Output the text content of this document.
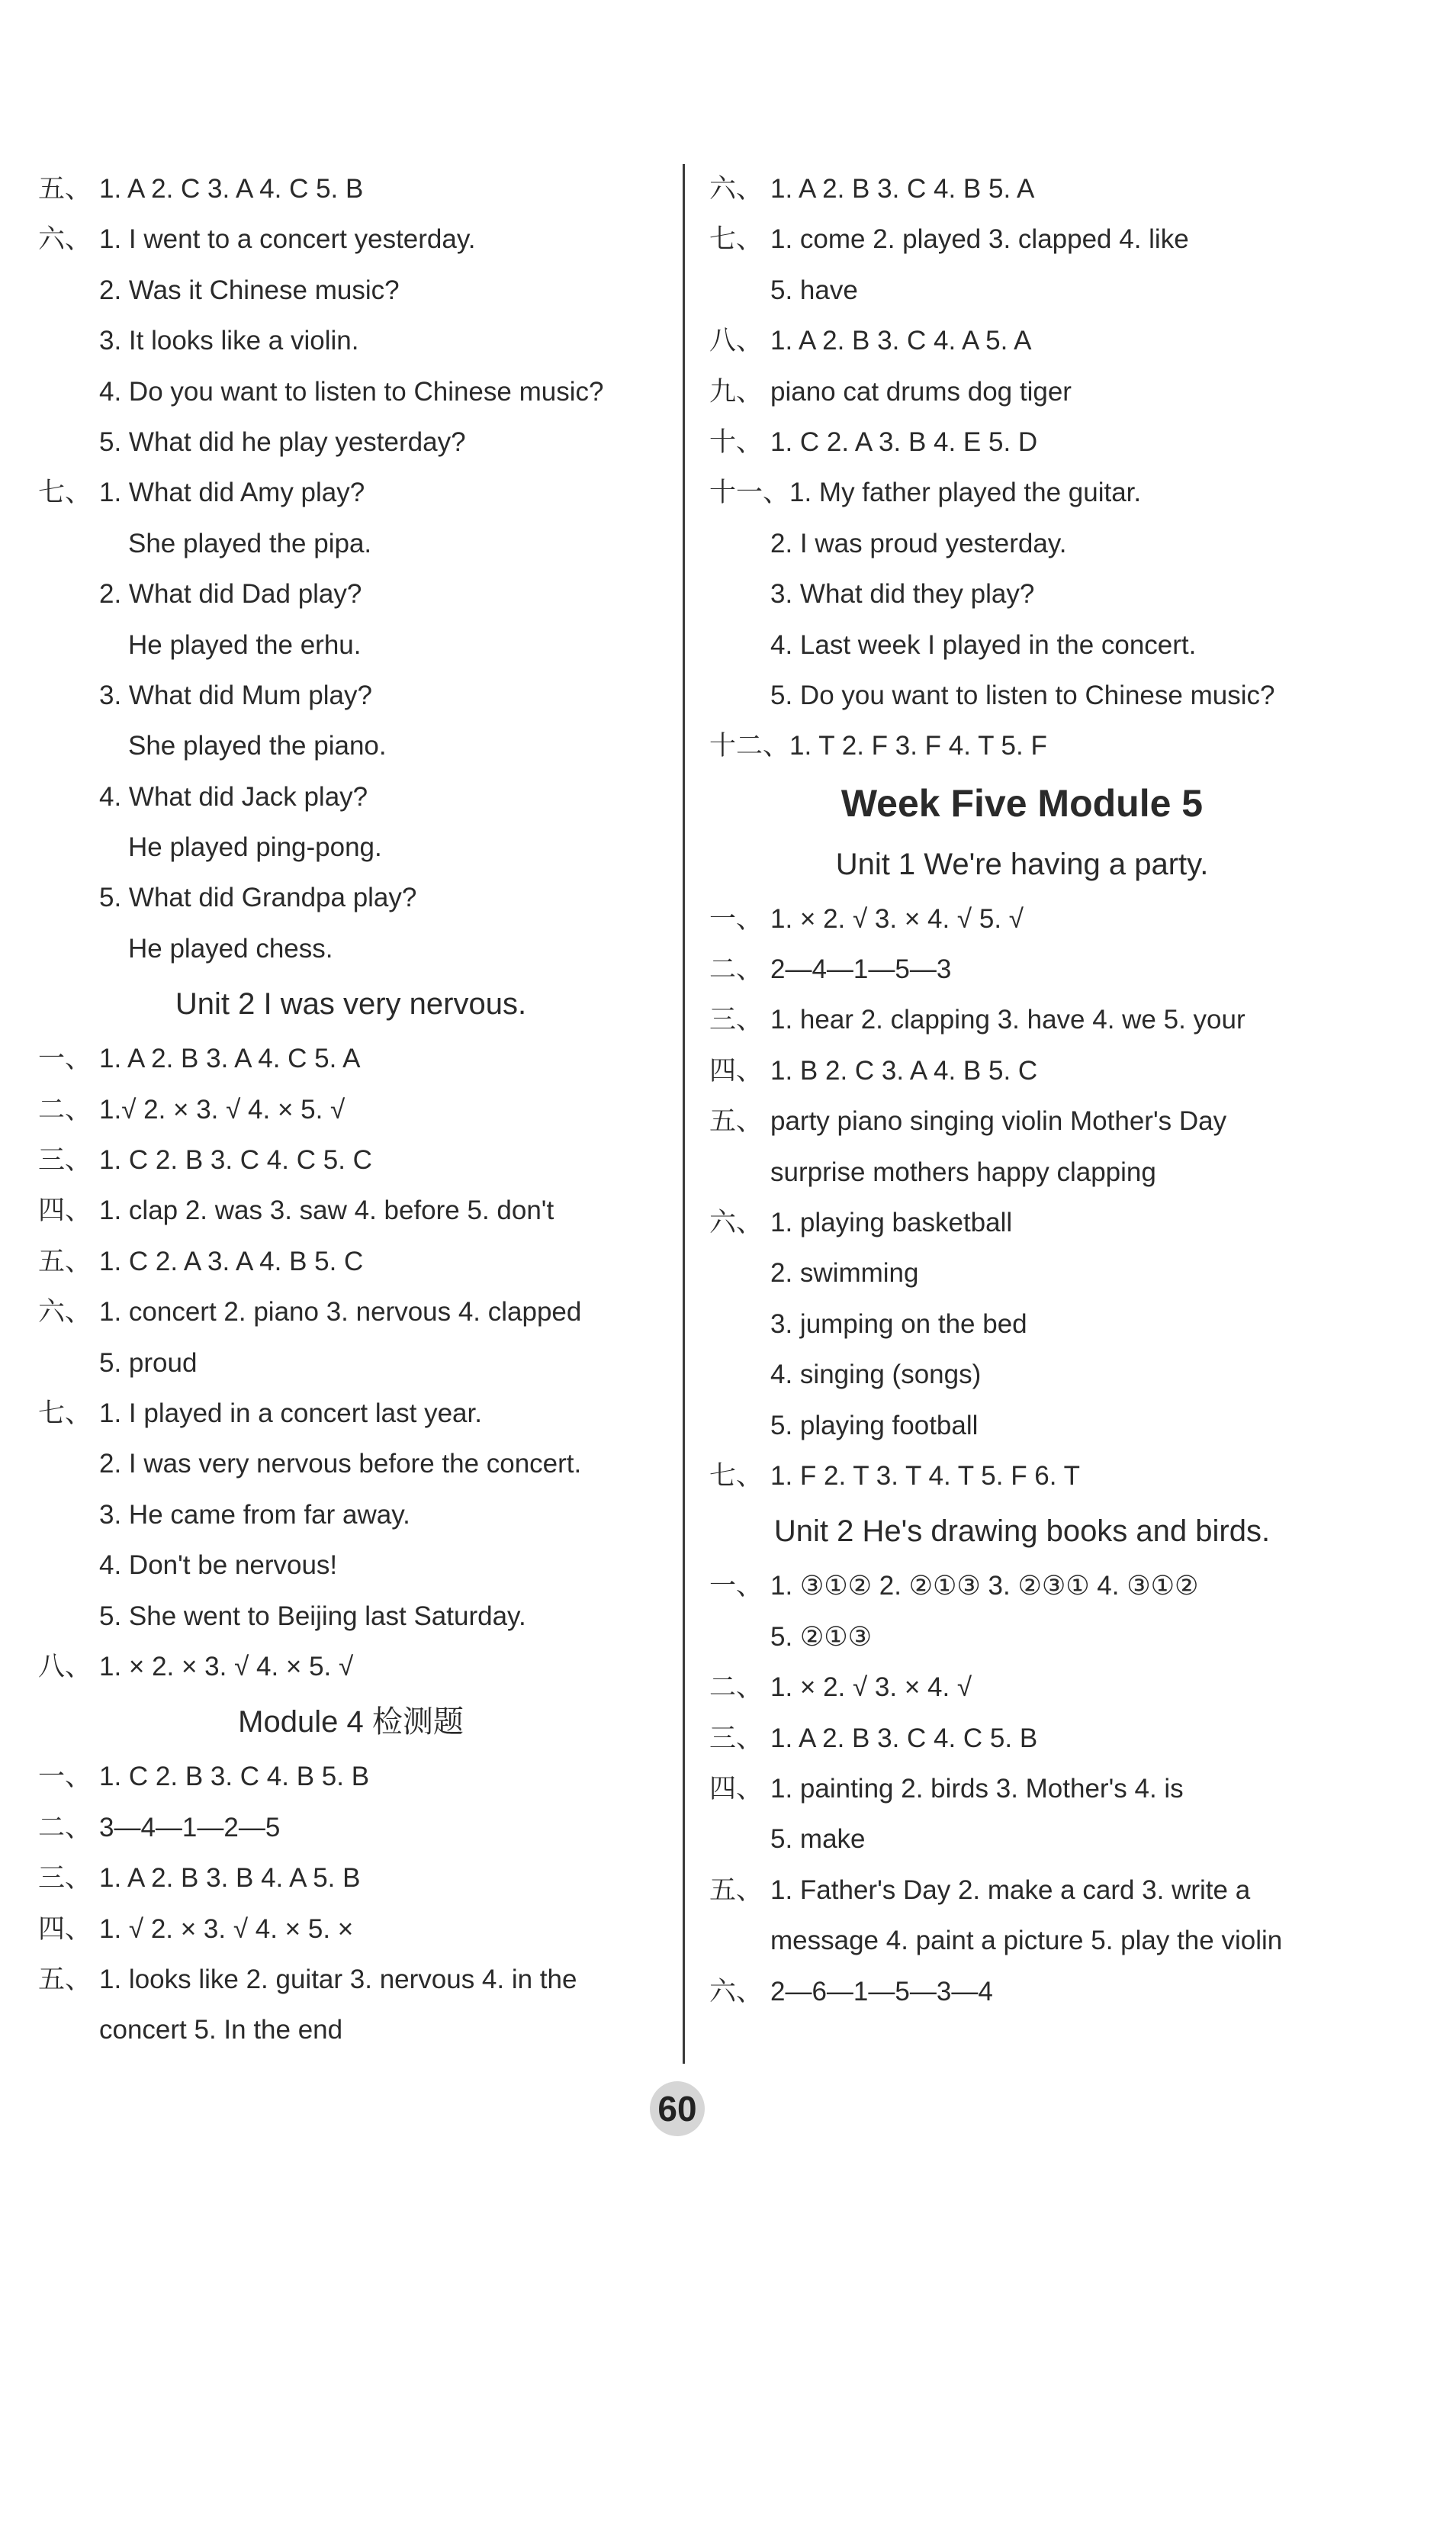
五、 1. A 2. C 3. A 4. C 5. B
六、 1. I went to a concert yesterday.
2. Was it Chinese music?
3. It looks like a violin.
4. Do you want to listen to Chinese music?
5. What did he play yesterday?
七、 1. What did Amy play?
She played the pipa.
2. What did Dad play?
He played the erhu.
3. What did Mum play?
She played the piano.
4. What did Jack play?
He played ping-pong.
5. What did Grandpa play?
He played chess.
Unit 2 I was very nervous.
一、 1. A 2. B 3. A 4. C 5. A
二、 1.√ 2. × 3. √ 4. × 5. √
三、 1. C 2. B 3. C 4. C 5. C
四、 1. clap 2. was 3. saw 4. before 5. don't
五、 1. C 2. A 3. A 4. B 5. C
六、 1. concert 2. piano 3. nervous 4. clapped
5. proud
七、 1. I played in a concert last year.
2. I was very nervous before the concert.
3. He came from far away.
4. Don't be nervous!
5. She went to Beijing last Saturday.
八、 1. × 2. × 3. √ 4. × 5. √
Module 4 检测题
一、 1. C 2. B 3. C 4. B 5. B
二、 3—4—1—2—5
三、 1. A 2. B 3. B 4. A 5. B
四、 1. √ 2. × 3. √ 4. × 5. ×
五、 1. looks like 2. guitar 3. nervous 4. in the
concert 5. In the end
六、 1. A 2. B 3. C 4. B 5. A
七、 1. come 2. played 3. clapped 4. like
5. have
八、 1. A 2. B 3. C 4. A 5. A
九、 piano cat drums dog tiger
十、 1. C 2. A 3. B 4. E 5. D
十一、 1. My father played the guitar.
2. I was proud yesterday.
3. What did they play?
4. Last week I played in the concert.
5. Do you want to listen to Chinese music?
十二、 1. T 2. F 3. F 4. T 5. F
Week Five Module 5
Unit 1 We're having a party.
一、 1. × 2. √ 3. × 4. √ 5. √
二、 2—4—1—5—3
三、 1. hear 2. clapping 3. have 4. we 5. your
四、 1. B 2. C 3. A 4. B 5. C
五、 party piano singing violin Mother's Day
surprise mothers happy clapping
六、 1. playing basketball
2. swimming
3. jumping on the bed
4. singing (songs)
5. playing football
七、 1. F 2. T 3. T 4. T 5. F 6. T
Unit 2 He's drawing books and birds.
一、 1. ③①② 2. ②①③ 3. ②③① 4. ③①②
5. ②①③
二、 1. × 2. √ 3. × 4. √
三、 1. A 2. B 3. C 4. C 5. B
四、 1. painting 2. birds 3. Mother's 4. is
5. make
五、 1. Father's Day 2. make a card 3. write a
message 4. paint a picture 5. play the violin
六、 2—6—1—5—3—4
60
